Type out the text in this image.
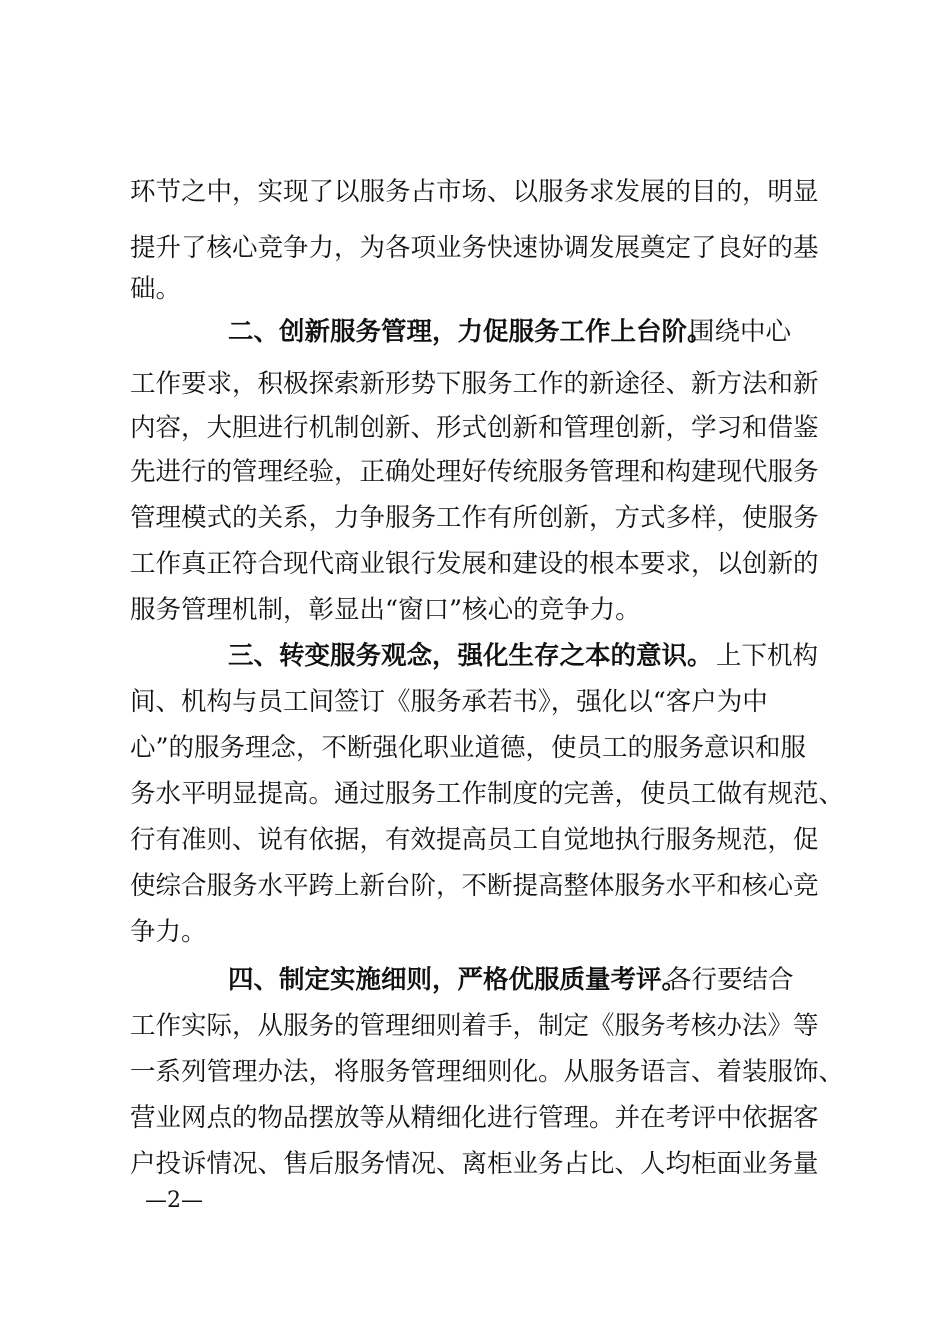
环节之中，实现了以服务占市场、以服务求发展的目的，明显
提升了核心竞争力，为各项业务快速协调发展奠定了良好的基
础。
二、创新服务管理，力促服务工作上台阶。
围绕中心
工作要求，积极探索新形势下服务工作的新途径、新方法和新
内容，大胆进行机制创新、形式创新和管理创新，学习和借鉴
先进行的管理经验，正确处理好传统服务管理和构建现代服务
管理模式的关系，力争服务工作有所创新，方式多样，使服务
工作真正符合现代商业银行发展和建设的根本要求，以创新的
服务管理机制，彰显出“窗口”核心的竞争力。
三、转变服务观念，强化生存之本的意识。 上下机构
间、机构与员工间签订《服务承若书》，强化以“客户为中
心”的服务理念，不断强化职业道德，使员工的服务意识和服
务水平明显提高。通过服务工作制度的完善，使员工做有规范、
行有准则、说有依据，有效提高员工自觉地执行服务规范，促
使综合服务水平跨上新台阶，不断提高整体服务水平和核心竞
争力。
四、制定实施细则，严格优服质量考评。
各行要结合
工作实际，从服务的管理细则着手，制定《服务考核办法》等
一系列管理办法，将服务管理细则化。从服务语言、着装服饰、
营业网点的物品摆放等从精细化进行管理。并在考评中依据客
户投诉情况、售后服务情况、离柜业务占比、人均柜面业务量
—2—
